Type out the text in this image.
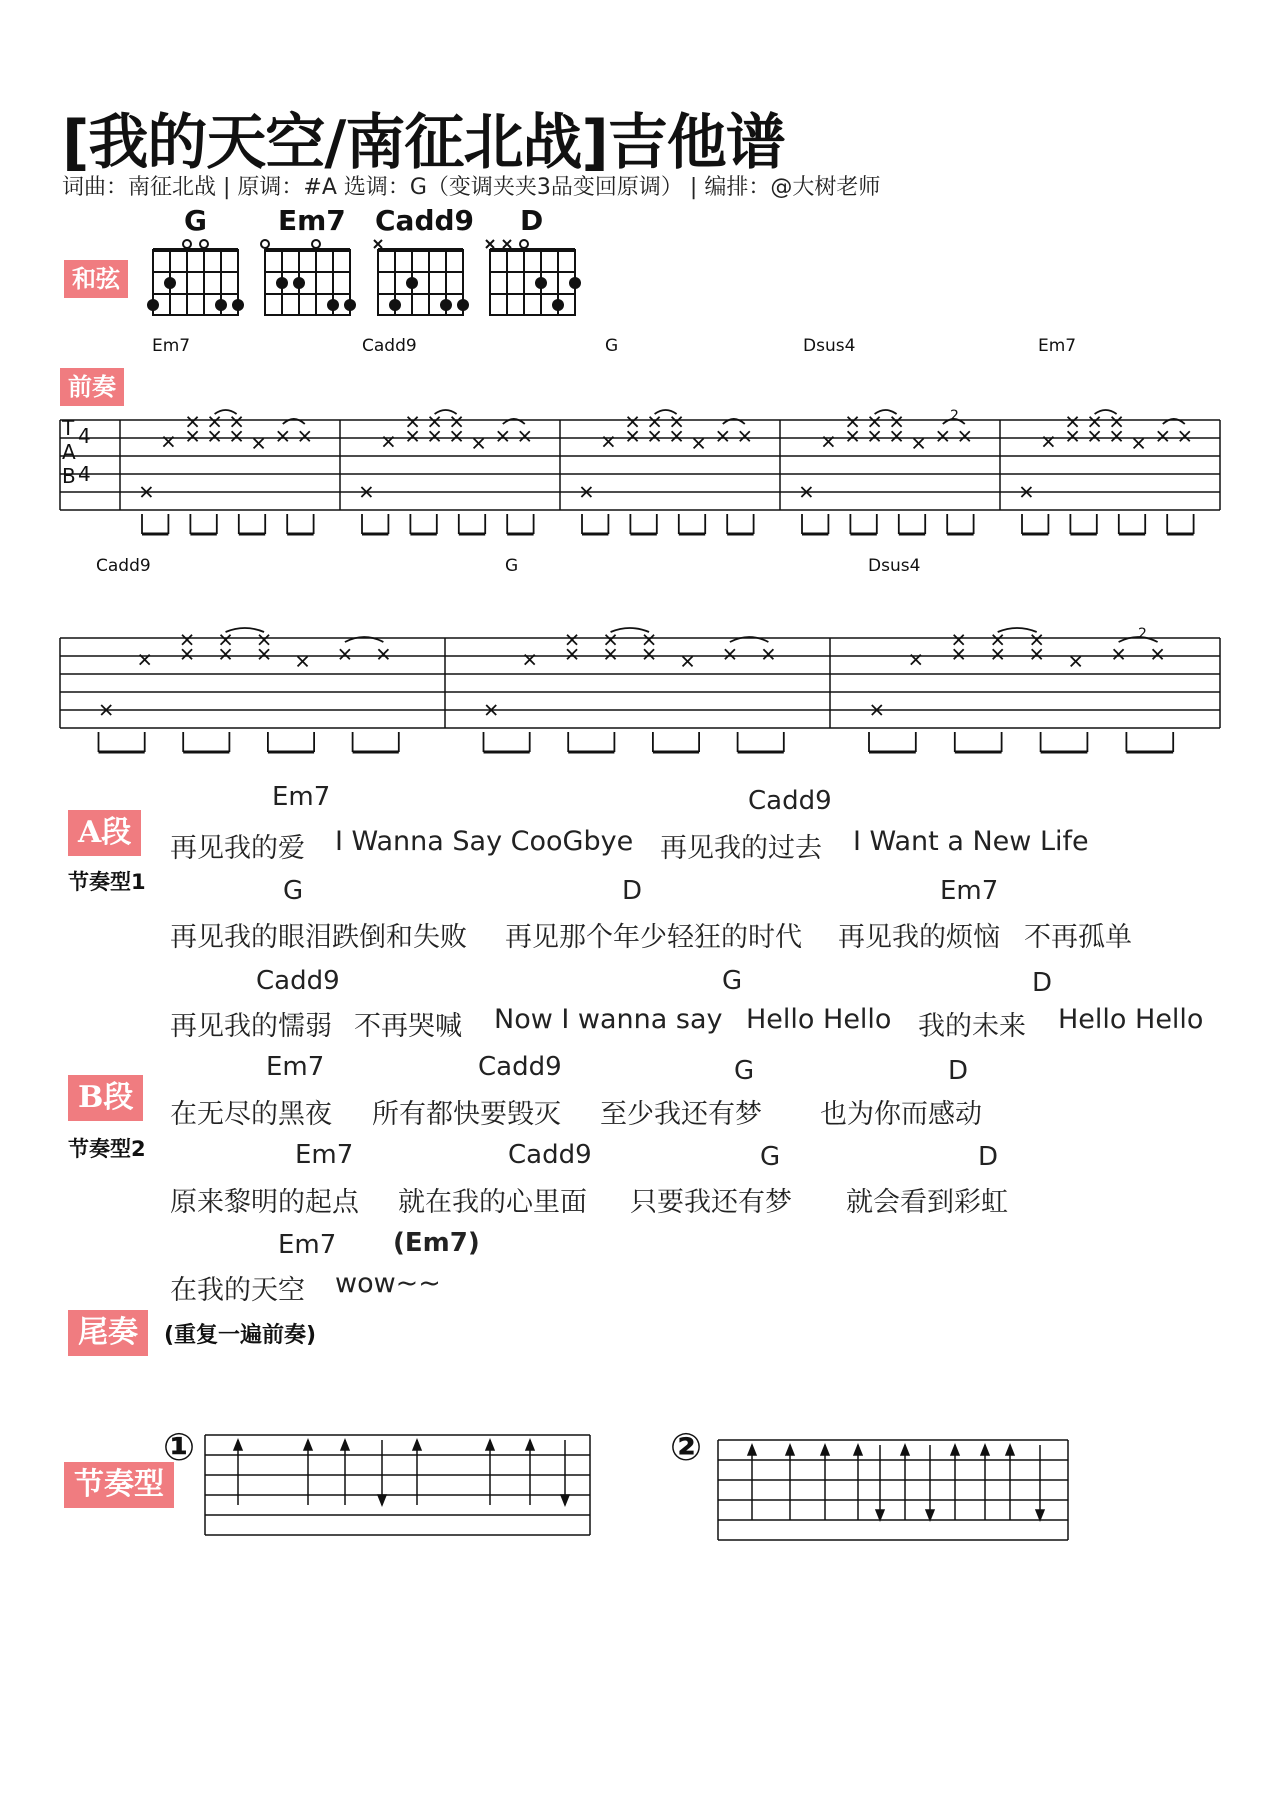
[我的天空/南征北战]吉他谱
词曲：南征北战 | 原调：#A 选调：G（变调夹夹3品变回原调） | 编排：@大树老师
和弦
G	Em7 Cadd9 D
前奏
T
A
B
4
4
Em7	Cadd9	G	Dsus4	Em7
2
Cadd9	G	Dsus4
2
A段
节奏型1
Em7	Cadd9
再见我的爱 I Wanna Say CooGbye 再见我的过去 I Want a New Life
G	D	Em7
再见我的眼泪跌倒和失败 再见那个年少轻狂的时代 再见我的烦恼 不再孤单
Cadd9	G	D
再见我的懦弱 不再哭喊 Now I wanna say Hello Hello 我的未来 Hello Hello
B段
节奏型2
Em7	Cadd9	G	D
在无尽的黑夜 所有都快要毁灭 至少我还有梦 也为你而感动
Em7	Cadd9	G	D
原来黎明的起点 就在我的心里面 只要我还有梦 就会看到彩虹
Em7 (Em7)
在我的天空 wow~~
尾奏	(重复一遍前奏)
节奏型
①	②
